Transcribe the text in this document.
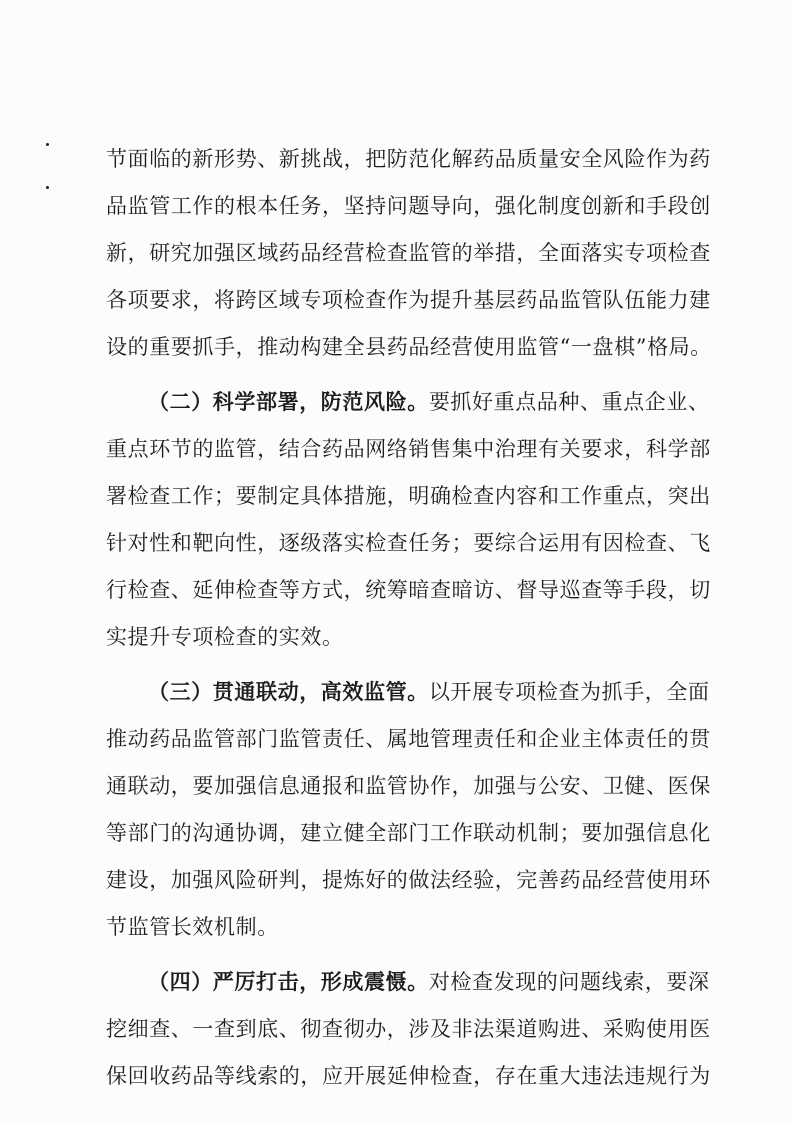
节面临的新形势、新挑战，把防范化解药品质量安全风险作为药
品监管工作的根本任务，坚持问题导向，强化制度创新和手段创
新，研究加强区域药品经营检查监管的举措，全面落实专项检查
各项要求，将跨区域专项检查作为提升基层药品监管队伍能力建
设的重要抓手，推动构建全县药品经营使用监管“一盘棋”格局。
（二）科学部署，防范风险。要抓好重点品种、重点企业、
重点环节的监管，结合药品网络销售集中治理有关要求，科学部
署检查工作；要制定具体措施，明确检查内容和工作重点，突出
针对性和靶向性，逐级落实检查任务；要综合运用有因检查、飞
行检查、延伸检查等方式，统筹暗查暗访、督导巡查等手段，切
实提升专项检查的实效。
（三）贯通联动，高效监管。以开展专项检查为抓手，全面
推动药品监管部门监管责任、属地管理责任和企业主体责任的贯
通联动，要加强信息通报和监管协作，加强与公安、卫健、医保
等部门的沟通协调，建立健全部门工作联动机制；要加强信息化
建设，加强风险研判，提炼好的做法经验，完善药品经营使用环
节监管长效机制。
（四）严厉打击，形成震慑。对检查发现的问题线索，要深
挖细查、一查到底、彻查彻办，涉及非法渠道购进、采购使用医
保回收药品等线索的，应开展延伸检查，存在重大违法违规行为
